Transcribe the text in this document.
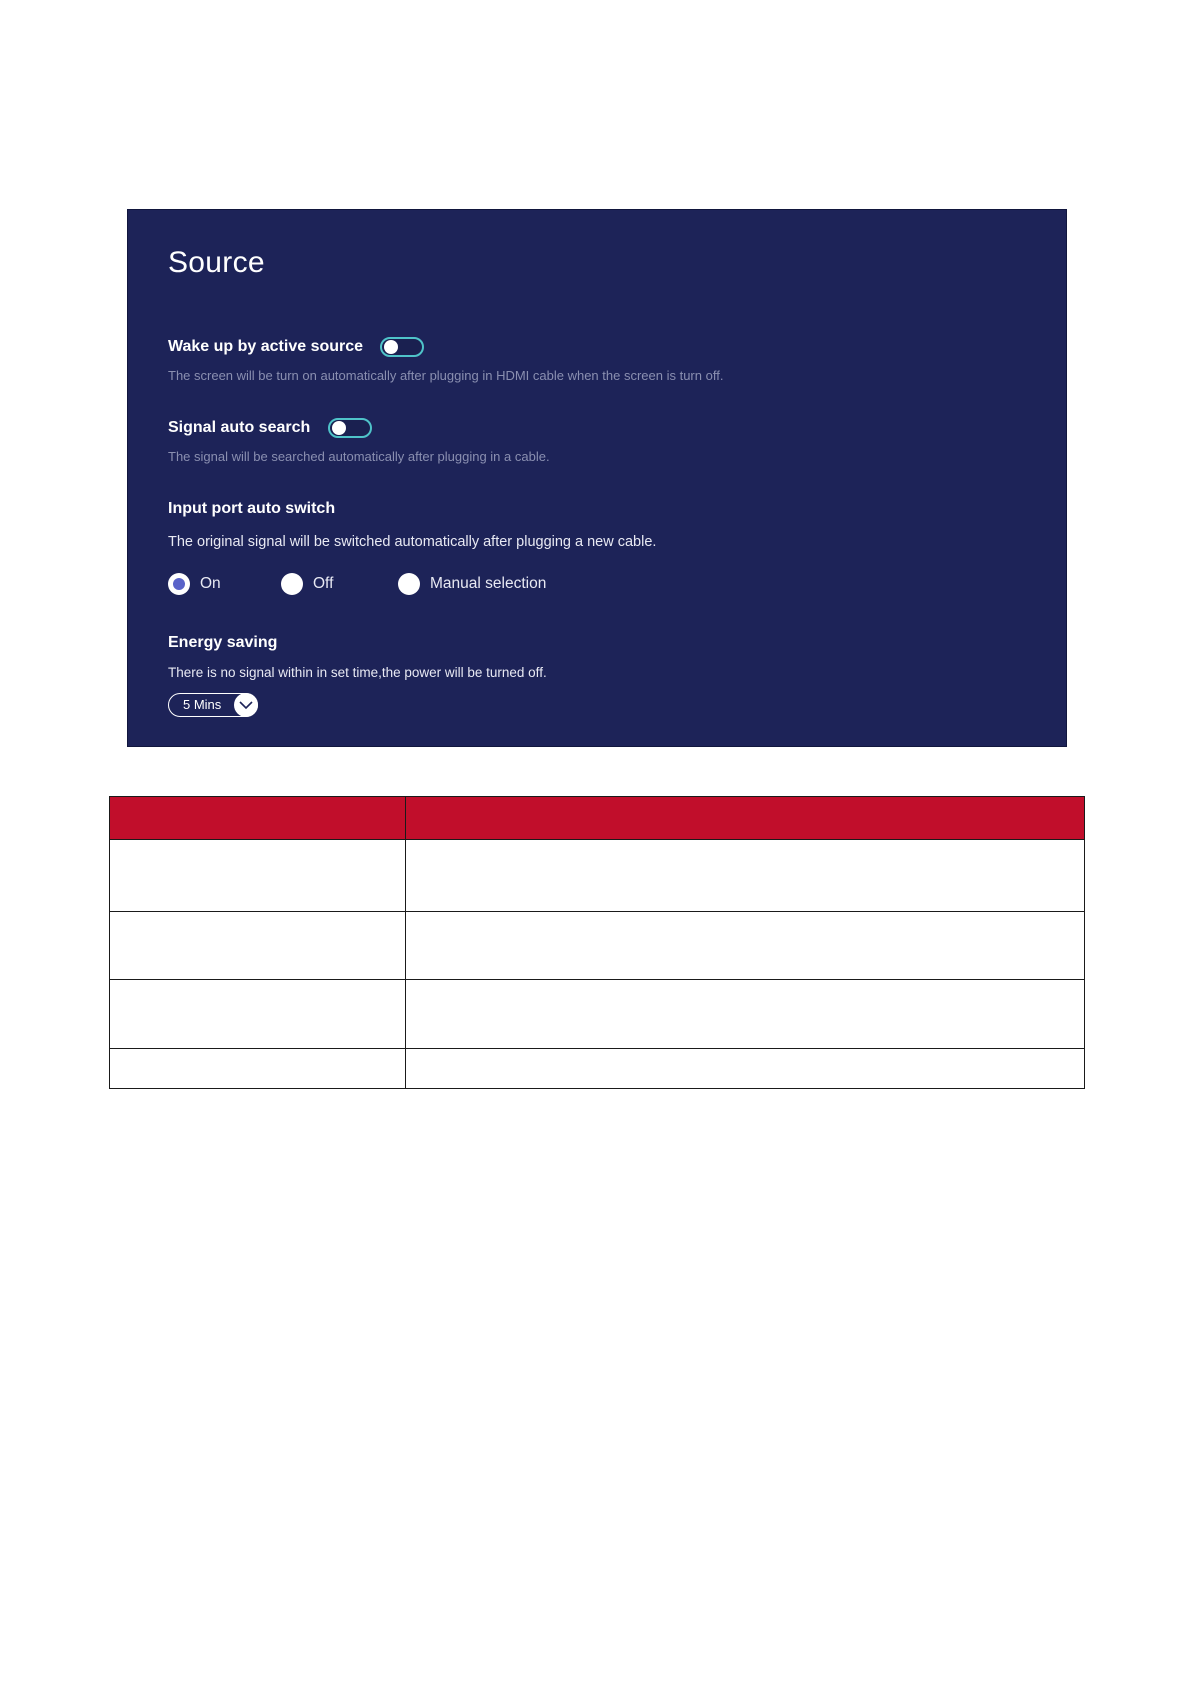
Source
Wake up by active source
The screen will be turn on automatically after plugging in HDMI cable when the screen is turn off.
Signal auto search
The signal will be searched automatically after plugging in a cable.
Input port auto switch
The original signal will be switched automatically after plugging a new cable.
On	Off	Manual selection
Energy saving
There is no signal within in set time,the power will be turned off.
5 Mins
